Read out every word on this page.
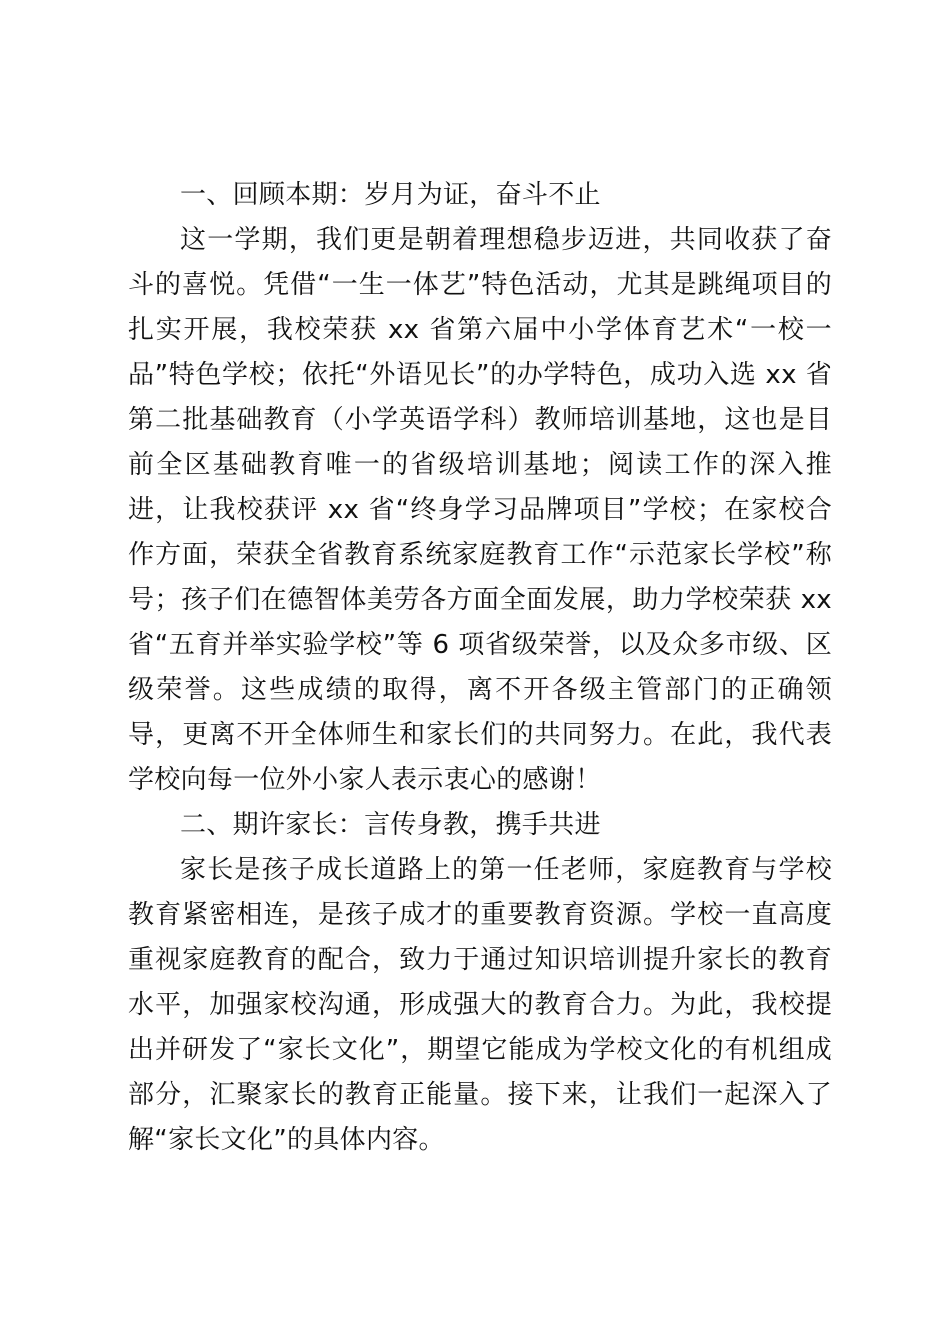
一、回顾本期：岁月为证，奋斗不止

这一学期，我们更是朝着理想稳步迈进，共同收获了奋斗的喜悦。凭借“一生一体艺”特色活动，尤其是跳绳项目的扎实开展，我校荣获 xx 省第六届中小学体育艺术“一校一品”特色学校；依托“外语见长”的办学特色，成功入选 xx 省第二批基础教育（小学英语学科）教师培训基地，这也是目前全区基础教育唯一的省级培训基地；阅读工作的深入推进，让我校获评 xx 省“终身学习品牌项目”学校；在家校合作方面，荣获全省教育系统家庭教育工作“示范家长学校”称号；孩子们在德智体美劳各方面全面发展，助力学校荣获 xx 省“五育并举实验学校”等 6 项省级荣誉，以及众多市级、区级荣誉。这些成绩的取得，离不开各级主管部门的正确领导，更离不开全体师生和家长们的共同努力。在此，我代表学校向每一位外小家人表示衷心的感谢！

二、期许家长：言传身教，携手共进

家长是孩子成长道路上的第一任老师，家庭教育与学校教育紧密相连，是孩子成才的重要教育资源。学校一直高度重视家庭教育的配合，致力于通过知识培训提升家长的教育水平，加强家校沟通，形成强大的教育合力。为此，我校提出并研发了“家长文化”，期望它能成为学校文化的有机组成部分，汇聚家长的教育正能量。接下来，让我们一起深入了解“家长文化”的具体内容。
